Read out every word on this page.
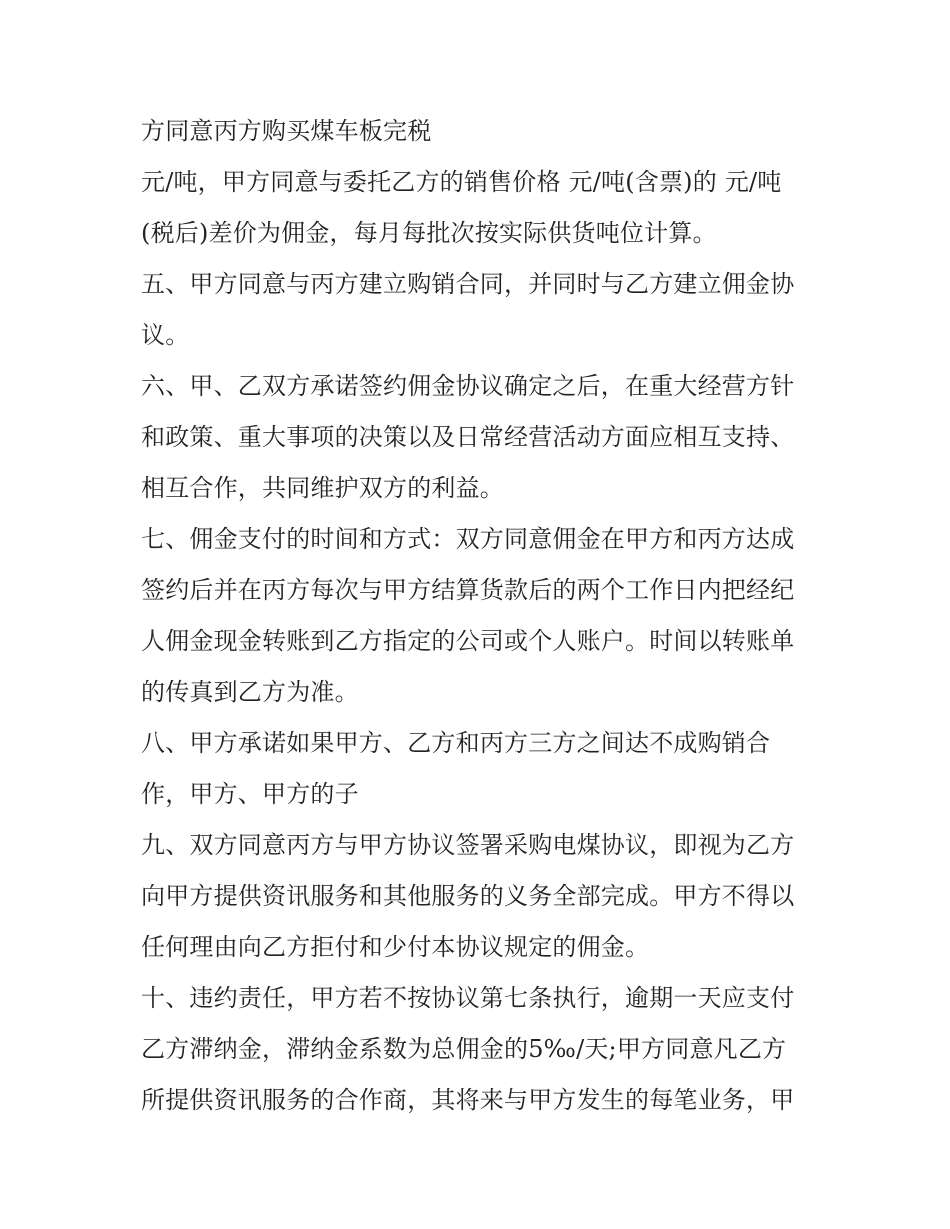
方同意丙方购买煤车板完税
元/吨，甲方同意与委托乙方的销售价格 元/吨(含票)的 元/吨
(税后)差价为佣金，每月每批次按实际供货吨位计算。
五、甲方同意与丙方建立购销合同，并同时与乙方建立佣金协
议。
六、甲、乙双方承诺签约佣金协议确定之后，在重大经营方针
和政策、重大事项的决策以及日常经营活动方面应相互支持、
相互合作，共同维护双方的利益。
七、佣金支付的时间和方式：双方同意佣金在甲方和丙方达成
签约后并在丙方每次与甲方结算货款后的两个工作日内把经纪
人佣金现金转账到乙方指定的公司或个人账户。时间以转账单
的传真到乙方为准。
八、甲方承诺如果甲方、乙方和丙方三方之间达不成购销合
作，甲方、甲方的子
九、双方同意丙方与甲方协议签署采购电煤协议，即视为乙方
向甲方提供资讯服务和其他服务的义务全部完成。甲方不得以
任何理由向乙方拒付和少付本协议规定的佣金。
十、违约责任，甲方若不按协议第七条执行，逾期一天应支付
乙方滞纳金，滞纳金系数为总佣金的5‰/天;甲方同意凡乙方
所提供资讯服务的合作商，其将来与甲方发生的每笔业务，甲
